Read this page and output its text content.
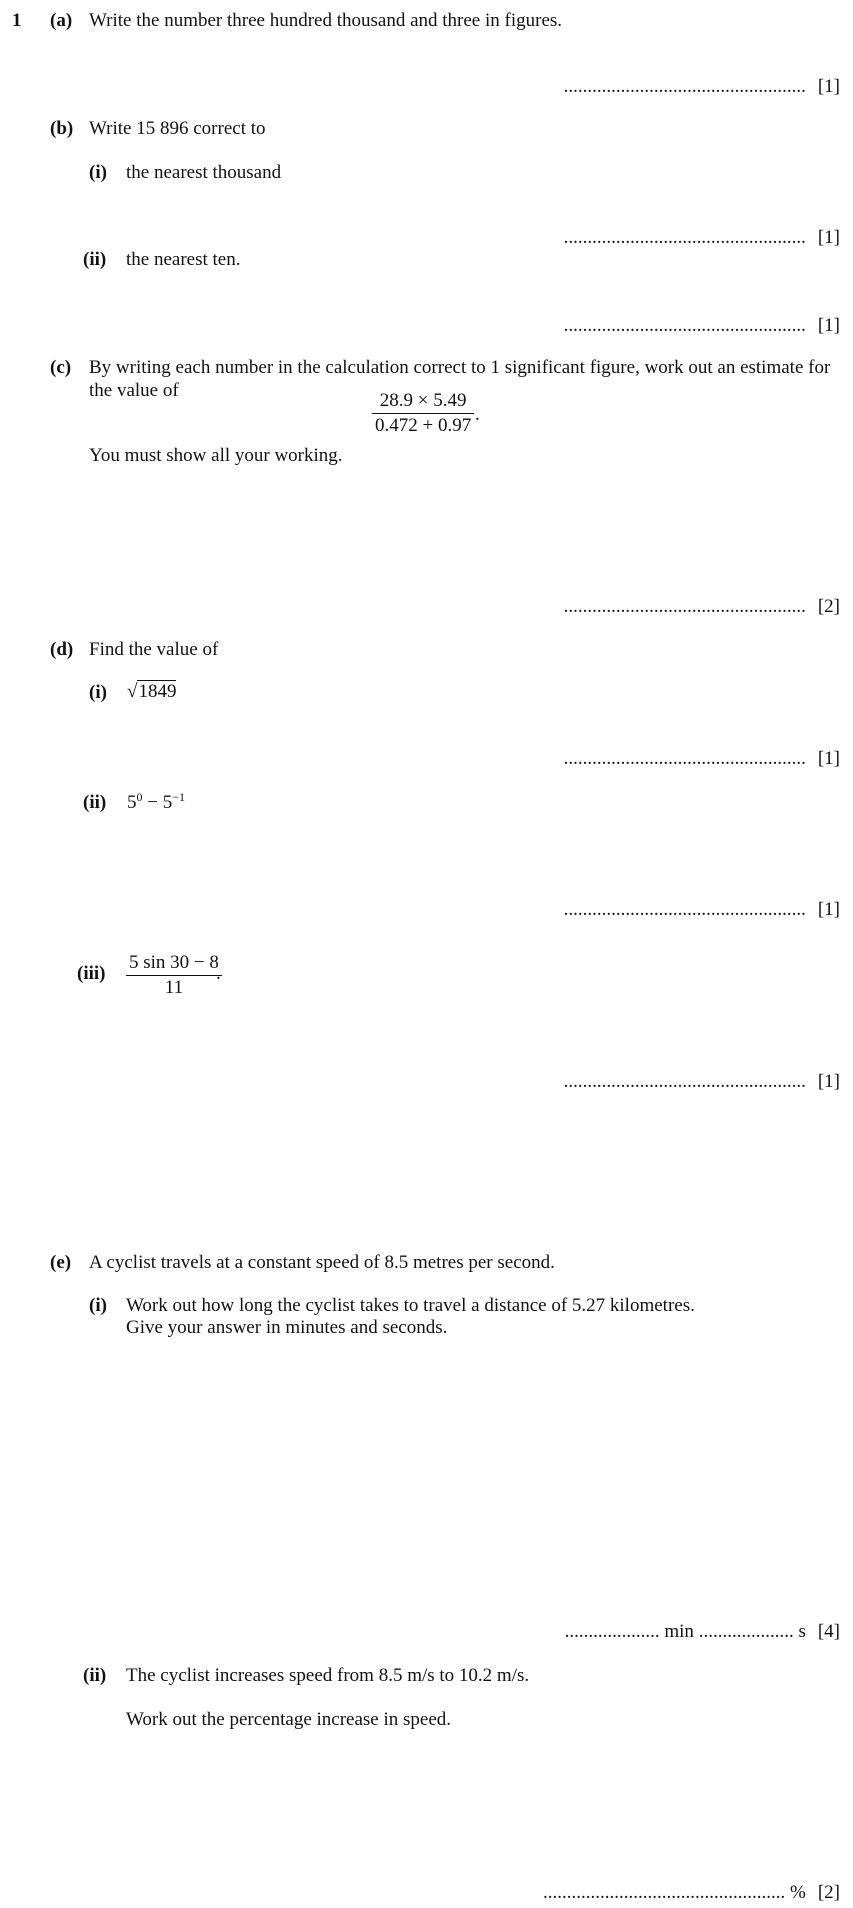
1 (a) Write the number three hundred thousand and three in figures.
................................................... [1]
(b) Write 15 896 correct to
(i) the nearest thousand
................................................... [1]
(ii) the nearest ten.
................................................... [1]
(c) By writing each number in the calculation correct to 1 significant figure, work out an estimate for
the value of	$\frac{28.9 \times 5.49}{0.472 + 0.97}$ .
You must show all your working.
................................................... [2]
(d) Find the value of
(i) √1849
................................................... [1]
(ii) $5^0 - 5^{-1}$
................................................... [1]
$(iii) \frac{5 \sin 30 - 8}{11}$
.
................................................... [1]
(e) A cyclist travels at a constant speed of 8.5 metres per second.
(i) Work out how long the cyclist takes to travel a distance of 5.27 kilometres.
Give your answer in minutes and seconds.
.................... min .................... s [4]
(ii) The cyclist increases speed from 8.5 m/s to 10.2 m/s.
Work out the percentage increase in speed.
................................................... % [2]
